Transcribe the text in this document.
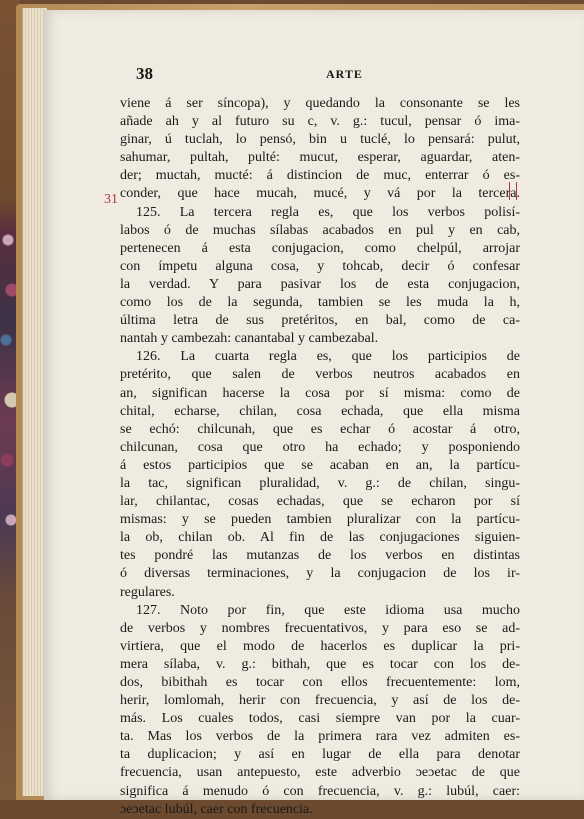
38	ARTE
31
viene á ser síncopa), y quedando la consonante se les
añade ah y al futuro su c, v. g.: tucul, pensar ó ima-
ginar, ú tuclah, lo pensó, bin u tuclé, lo pensará: pulut,
sahumar, pultah, pulté: mucut, esperar, aguardar, aten-
der; muctah, mucté: á distincion de muc, enterrar ó es-
conder, que hace mucah, mucé, y vá por la tercera.
125. La tercera regla es, que los verbos polisí-
labos ó de muchas sílabas acabados en pul y en cab,
pertenecen á esta conjugacion, como chelpúl, arrojar
con ímpetu alguna cosa, y tohcab, decir ó confesar
la verdad. Y para pasivar los de esta conjugacion,
como los de la segunda, tambien se les muda la h,
última letra de sus pretéritos, en bal, como de ca-
nantah y cambezah: canantabal y cambezabal.
126. La cuarta regla es, que los participios de
pretérito, que salen de verbos neutros acabados en
an, significan hacerse la cosa por sí misma: como de
chital, echarse, chilan, cosa echada, que ella misma
se echó: chilcunah, que es echar ó acostar á otro,
chilcunan, cosa que otro ha echado; y posponiendo
á estos participios que se acaban en an, la partícu-
la tac, significan pluralidad, v. g.: de chilan, singu-
lar, chilantac, cosas echadas, que se echaron por sí
mismas: y se pueden tambien pluralizar con la partícu-
la ob, chilan ob. Al fin de las conjugaciones siguien-
tes pondré las mutanzas de los verbos en distintas
ó diversas terminaciones, y la conjugacion de los ir-
regulares.
127. Noto por fin, que este idioma usa mucho
de verbos y nombres frecuentativos, y para eso se ad-
virtiera, que el modo de hacerlos es duplicar la pri-
mera sílaba, v. g.: bithah, que es tocar con los de-
dos, bibithah es tocar con ellos frecuentemente: lom,
herir, lomlomah, herir con frecuencia, y así de los de-
más. Los cuales todos, casi siempre van por la cuar-
ta. Mas los verbos de la primera rara vez admiten es-
ta duplicacion; y así en lugar de ella para denotar
frecuencia, usan antepuesto, este adverbio ɔeɔetac de que
significa á menudo ó con frecuencia, v. g.: lubúl, caer:
ɔeɔetac lubúl, caer con frecuencia.
